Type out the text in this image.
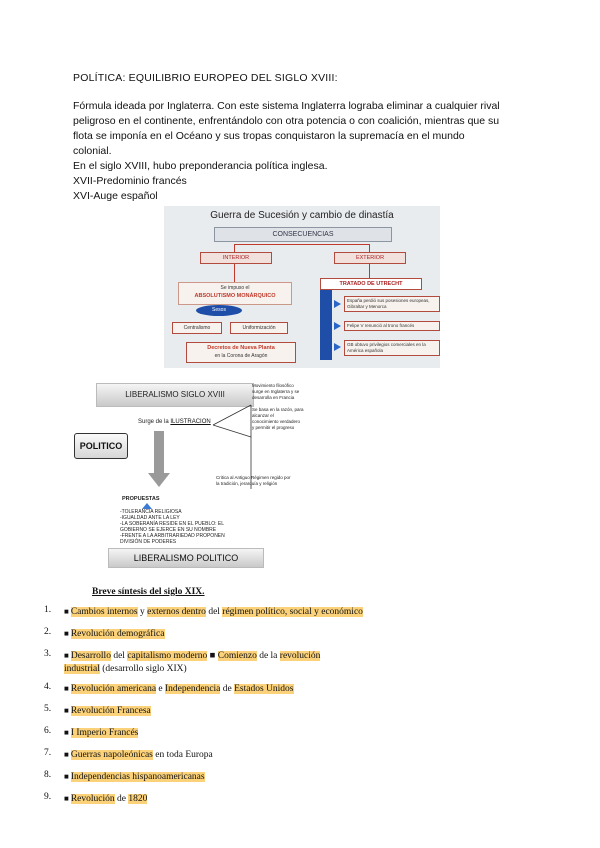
POLÍTICA: EQUILIBRIO EUROPEO DEL SIGLO XVIII:

Fórmula ideada por Inglaterra. Con este sistema Inglaterra lograba eliminar a cualquier rival

peligroso en el continente, enfrentándolo con otra potencia o con coalición, mientras que su

flota se imponía en el Océano y sus tropas conquistaron la supremacía en el mundo

colonial.

En el siglo XVIII, hubo preponderancia política inglesa.

XVII-Predominio francés

XVI-Auge español

Guerra de Sucesión y cambio de dinastía
CONSECUENCIAS
INTERIOR	EXTERIOR
Se impuso el
ABSOLUTISMO MONÁRQUICO
Sesos
Centralismo	Uniformización
Decretos de Nueva Planta
en la Corona de Aragón
TRATADO DE UTRECHT
España perdió sus posesiones europeas, Gibraltar y Menorca
Felipe V renunció al trono francés
GB obtuvo privilegios comerciales en la América española
LIBERALISMO SIGLO XVIII
POLITICO
Surge de la ILUSTRACION
Movimiento filosófico
surge en Inglaterra y se
desarrolla en Francia
Se basa en la razón, para
alcanzar el
conocimiento verdadero
y permitir el progreso
Critica al Antiguo Régimen regido por
la tradición, jerarquía y religión
PROPUESTAS
-TOLERANCIA RELIGIOSA
-IGUALDAD ANTE LA LEY
-LA SOBERANÍA RESIDE EN EL PUEBLO: EL
GOBIERNO SE EJERCE EN SU NOMBRE
-FRENTE A LA ARBITRARIEDAD PROPONEN
DIVISIÓN DE PODERES
LIBERALISMO POLITICO
Breve síntesis del siglo XIX.
1.	■ Cambios internos y externos dentro del régimen político, social y económico
2.	■ Revolución demográfica
3.	■ Desarrollo del capitalismo moderno ■ Comienzo de la revolución
industrial (desarrollo siglo XIX)
4.	■ Revolución americana e Independencia de Estados Unidos
5.	■ Revolución Francesa
6.	■ I Imperio Francés
7.	■ Guerras napoleónicas en toda Europa
8.	■ Independencias hispanoamericanas
9.	■ Revolución de 1820
